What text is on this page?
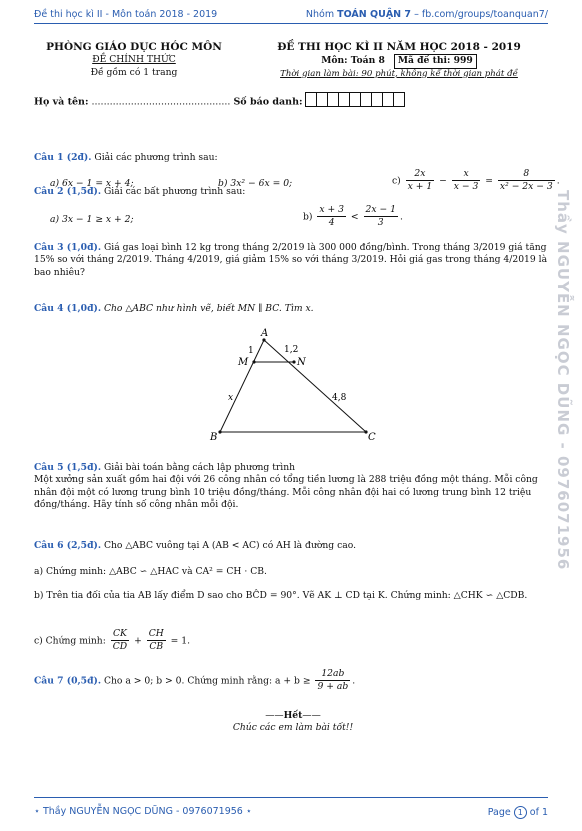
Đề thi học kì II - Môn toán 2018 - 2019	Nhóm TOÁN QUẬN 7 – fb.com/groups/toanquan7/
PHÒNG GIÁO DỤC HÓC MÔN
ĐỀ CHÍNH THỨC
Đề gồm có 1 trang
ĐỀ THI HỌC KÌ II NĂM HỌC 2018 - 2019
Môn: Toán 8 Mã đề thi: 999
Thời gian làm bài: 90 phút, không kể thời gian phát đề
Họ và tên: .............................................. Số báo danh:
Câu 1 (2đ). Giải các phương trình sau:
a) 6x − 1 = x + 4;	b) 3x² − 6x = 0;	$c) \frac{2x}{x + 1} - \frac{x}{x - 3} = \frac{8}{\text{x² − 2x − 3}}$ .
Câu 2 (1,5đ). Giải các bất phương trình sau:
a) 3x − 1 ≥ x + 2;	$b) \frac{x + 3}{4} < \frac{2x - 1}{3}$ .
Câu 3 (1,0đ). Giá gas loại bình 12 kg trong tháng 2/2019 là 300 000 đồng/bình. Trong tháng 3/2019 giá tăng 15% so với tháng 2/2019. Tháng 4/2019, giá giảm 15% so với tháng 3/2019. Hỏi giá gas trong tháng 4/2019 là bao nhiêu?
Câu 4 (1,0đ). Cho △ABC như hình vẽ, biết MN ∥ BC. Tìm x.
A
B	C
M	N
1	1,2
x	4,8
Câu 5 (1,5đ). Giải bài toán bằng cách lập phương trình
Một xưởng sản xuất gồm hai đội với 26 công nhân có tổng tiền lương là 288 triệu đồng một tháng. Mỗi công nhân đội một có lương trung bình 10 triệu đồng/tháng. Mỗi công nhân đội hai có lương trung bình 12 triệu đồng/tháng. Hãy tính số công nhân mỗi đội.
Câu 6 (2,5đ). Cho △ABC vuông tại A (AB < AC) có AH là đường cao.
a) Chứng minh: △ABC ∽ △HAC và CA² = CH · CB.
b) Trên tia đối của tia AB lấy điểm D sao cho BĈD = 90°. Vẽ AK ⊥ CD tại K. Chứng minh: △CHK ∽ △CDB.
c) Chứng minh: $\frac{CK}{CD} + \frac{CH}{CB} = 1$.
Câu 7 (0,5đ). Cho a > 0; b > 0. Chứng minh rằng: $a + b \ge \frac{12ab}{9 + ab}$ .
——Hết——
Chúc các em làm bài tốt!!
Thầy NGUYỄN NGỌC DŨNG - 0976071956
⋆ Thầy NGUYỄN NGỌC DŨNG - 0976071956 ⋆	Page 1 of 1
